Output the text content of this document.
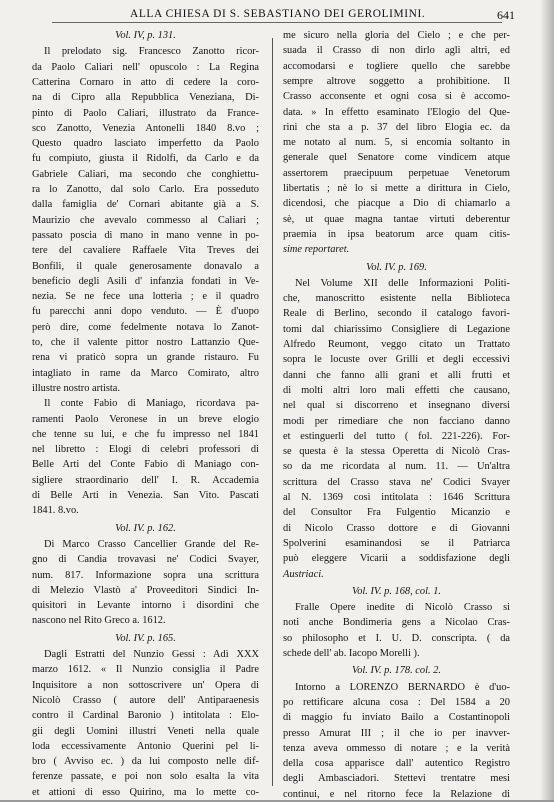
ALLA CHIESA DI S. SEBASTIANO DEI GEROLIMINI.	641
Vol. IV, p. 131.
Il prelodato sig. Francesco Zanotto ricor-
da Paolo Caliari nell' opuscolo : La Regina
Catterina Cornaro in atto di cedere la coro-
na di Cipro alla Repubblica Veneziana, Di-
pinto di Paolo Caliari, illustrato da France-
sco Zanotto, Venezia Antonelli 1840 8.vo ;
Questo quadro lasciato imperfetto da Paolo
fu compiuto, giusta il Ridolfi, da Carlo e da
Gabriele Caliari, ma secondo che conghiettu-
ra lo Zanotto, dal solo Carlo. Era posseduto
dalla famiglia de' Cornari abitante già a S.
Maurizio che avevalo commesso al Caliari ;
passato poscia di mano in mano venne in po-
tere del cavaliere Raffaele Vita Treves dei
Bonfili, il quale generosamente donavalo a
beneficio degli Asili d' infanzia fondati in Ve-
nezia. Se ne fece una lotteria ; e il quadro
fu parecchi anni dopo venduto. — È d'uopo
però dire, come fedelmente notava lo Zanot-
to, che il valente pittor nostro Lattanzio Que-
rena vi praticò sopra un grande ristauro. Fu
intagliato in rame da Marco Comirato, altro
illustre nostro artista.
Il conte Fabio di Maniago, ricordava pa-
ramenti Paolo Veronese in un breve elogio
che tenne su lui, e che fu impresso nel 1841
nel libretto : Elogi di celebri professori di
Belle Arti del Conte Fabio di Maniago con-
sigliere straordinario dell' I. R. Accademia
di Belle Arti in Venezia. San Vito. Pascati
1841. 8.vo.
Vol. IV. p. 162.
Di Marco Crasso Cancellier Grande del Re-
gno di Candia trovavasi ne' Codici Svayer,
num. 817. Informazione sopra una scrittura
di Melezio Vlastò a' Proveeditori Sindici In-
quisitori in Levante intorno i disordini che
nascono nel Rito Greco a. 1612.
Vol. IV. p. 165.
Dagli Estratti del Nunzio Gessi : Adì XXX
marzo 1612. « Il Nunzio consiglia il Padre
Inquisitore a non sottoscrivere un' Opera di
Nicolò Crasso ( autore dell' Antiparaenesis
contro il Cardinal Baronio ) intitolata : Elo-
gii degli Uomini illustri Veneti nella quale
loda eccessivamente Antonio Querini pel li-
bro ( Avviso ec. ) da lui composto nelle dif-
ferenze passate, e poi non solo esalta la vita
et attioni di esso Quirino, ma lo mette co-
me sicuro nella gloria del Cielo ; e che per-
suada il Crasso di non dirlo agli altri, ed
accomodarsi e togliere quello che sarebbe
sempre altrove soggetto a prohibitione. Il
Crasso acconsente et ogni cosa si è accomo-
data. » In effetto esaminato l'Elogio del Que-
rini che sta a p. 37 del libro Elogia ec. da
me notato al num. 5, si encomia soltanto in
generale quel Senatore come vindicem atque
assertorem praecipuum perpetuae Venetorum
libertatis ; nè lo si mette a dirittura in Cielo,
dicendosi, che piacque a Dio di chiamarlo a
sè, ut quae magna tantae virtuti deberentur
praemia in ipsa beatorum arce quam citis-
sime reportaret.
Vol. IV. p. 169.
Nel Volume XII delle Informazioni Politi-
che, manoscritto esistente nella Biblioteca
Reale di Berlino, secondo il catalogo favori-
tomi dal chiarissimo Consigliere di Legazione
Alfredo Reumont, veggo citato un Trattato
sopra le locuste over Grilli et degli eccessivi
danni che fanno alli grani et alli frutti et
di molti altri loro mali effetti che causano,
nel qual si discorreno et insegnano diversi
modi per rimediare che non facciano danno
et estinguerli del tutto ( fol. 221-226). For-
se questa è la stessa Operetta di Nicolò Cras-
so da me ricordata al num. 11. — Un'altra
scrittura del Crasso stava ne' Codici Svayer
al N. 1369 così intitolata : 1646 Scrittura
del Consultor Fra Fulgentio Micanzio e
di Nicolo Crasso dottore e di Giovanni
Spolverini esaminandosi se il Patriarca
può eleggere Vicarii a soddisfazione degli
Austriaci.
Vol. IV. p. 168, col. 1.
Fralle Opere inedite di Nicolò Crasso si
noti anche Bondimeria gens a Nicolao Cras-
so philosopho et I. U. D. conscripta. ( da
schede dell' ab. Iacopo Morelli ).
Vol. IV. p. 178. col. 2.
Intorno a LORENZO BERNARDO è d'uo-
po rettificare alcuna cosa : Del 1584 a 20
di maggio fu inviato Bailo a Costantinopoli
presso Amurat III ; il che io per inavver-
tenza aveva ommesso di notare ; e la verità
della cosa apparisce dall' autentico Registro
degli Ambasciadori. Stettevi trentatre mesi
continui, e nel ritorno fece la Relazione di
